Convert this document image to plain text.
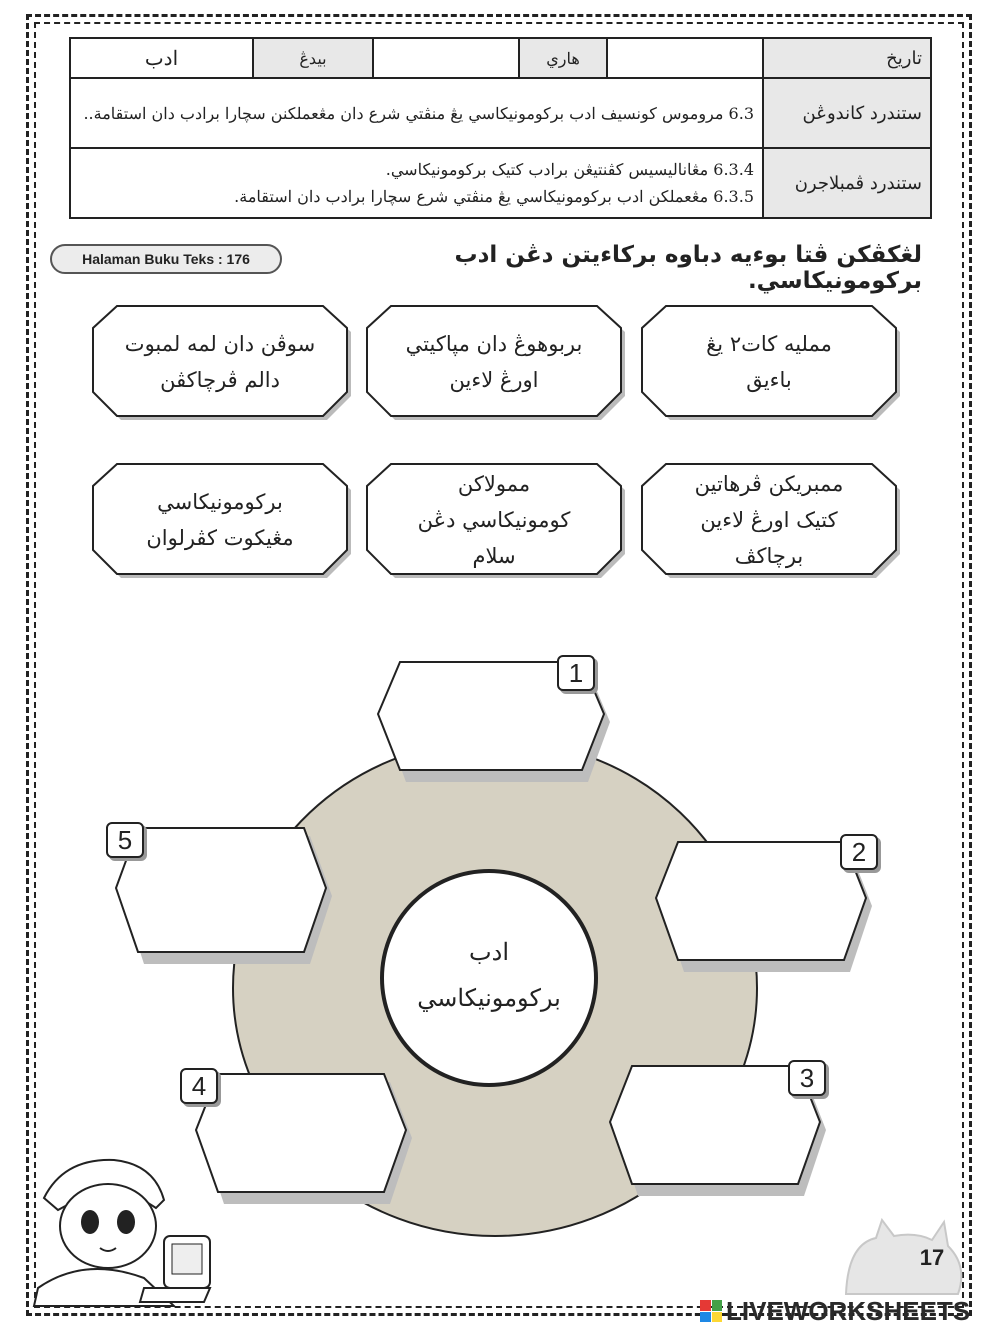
تاريخ		هاري		بيدڠ	ادب
ستندرد کاندوڠن	6.3 مروموس کونسيف ادب برکومونيکاسي يڠ منڤتي شرع دان مڠعملکنن سچارا برادب دان استقامة..				
ستندرد ڤمبلاجرن	6.3.4 مڠاناليسيس کڤنتيڠن برادب کتيک برکومونيکاسي.
6.3.5 مڠعملکن ادب برکومونيکاسي يڠ منڤتي شرع سچارا برادب دان استقامة.				
Halaman Buku Teks : 176	لڠکڤکن ڤتا بوءيه دباوه برکاءيتن دڠن ادب برکومونيکاسي.
ممليه کات٢ يڠ
باءيق
بربوهوڠ دان مپاکيتي
اورڠ لاءين
سوڤن دان لمه لمبوت
دالم ڤرچاکڤن
ممبريکن ڤرهاتين
کتيک اورڠ لاءين
برچاکڤ
ممولاکن
کومونيکاسي دڠن
سلام
برکومونيکاسي
مڠيکوت کڤرلوان
ادب
برکومونيکاسي
1
2
3
4
5
17
LIVEWORKSHEETS
